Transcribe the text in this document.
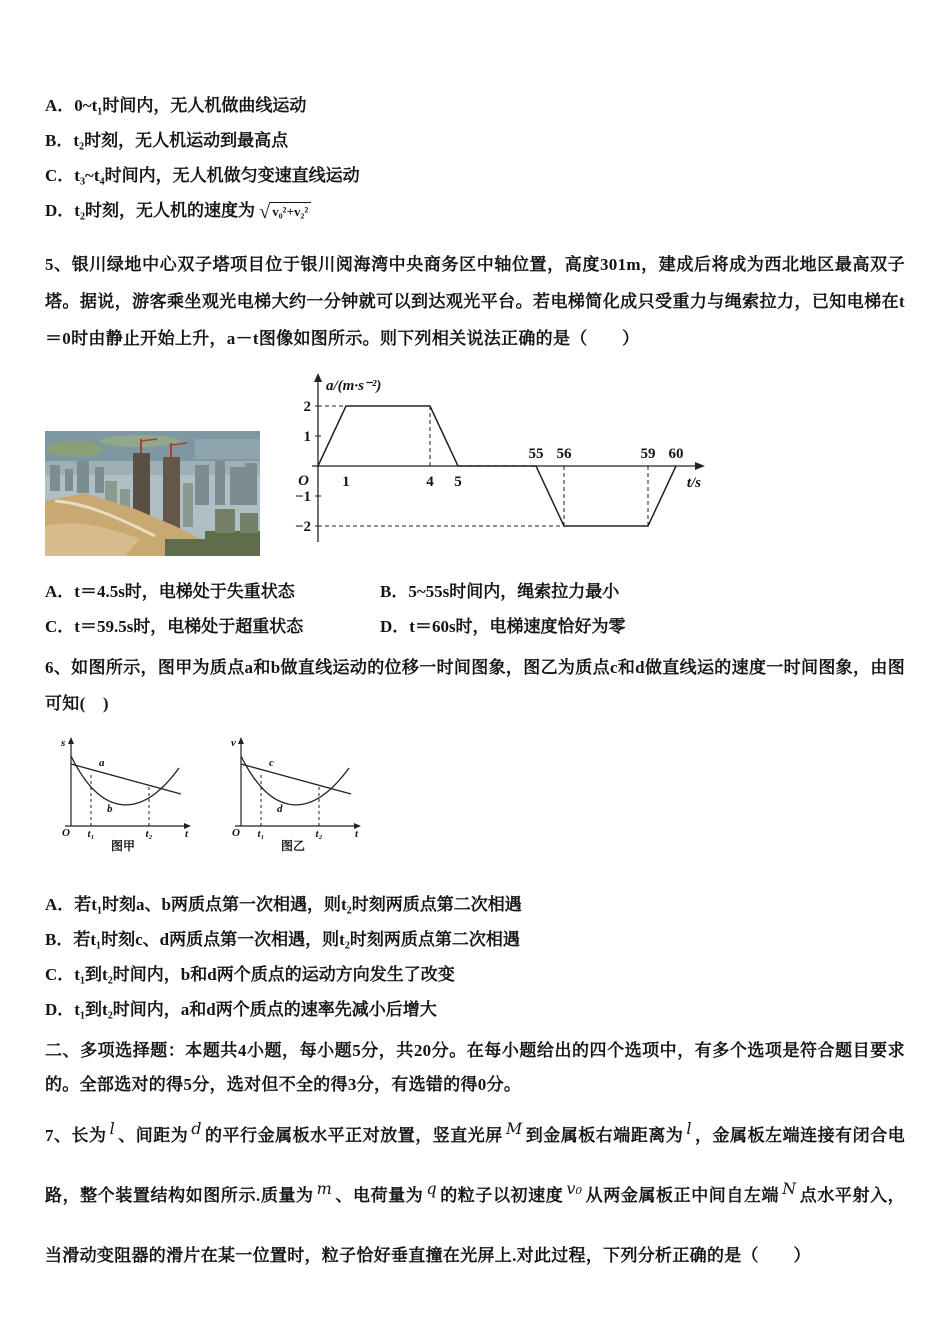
A．0~t₁时间内，无人机做曲线运动
B．t₂时刻，无人机运动到最高点
C．t₃~t₄时间内，无人机做匀变速直线运动
D．t₂时刻，无人机的速度为 √ v₀²+v₂²

5、银川绿地中心双子塔项目位于银川阅海湾中央商务区中轴位置，高度301m，建成后将成为西北地区最高双子塔。据说，游客乘坐观光电梯大约一分钟就可以到达观光平台。若电梯简化成只受重力与绳索拉力，已知电梯在t＝0时由静止开始上升，a－t图像如图所示。则下列相关说法正确的是（　　）

2
1
−1
−2
1	4 5
55 56	59 60
O
a/(m·s⁻²)
t/s
A．t＝4.5s时，电梯处于失重状态	B．5~55s时间内，绳索拉力最小
C．t＝59.5s时，电梯处于超重状态	D．t＝60s时，电梯速度恰好为零

6、如图所示，图甲为质点a和b做直线运动的位移一时间图象，图乙为质点c和d做直线运的速度一时间图象，由图可知(　)

a
b
s
t₁	t₂
O	t
图甲
c
d
v
t₁	t₂
O	t
图乙
A．若t₁时刻a、b两质点第一次相遇，则t₂时刻两质点第二次相遇
B．若t₁时刻c、d两质点第一次相遇，则t₂时刻两质点第二次相遇
C．t₁到t₂时间内，b和d两个质点的运动方向发生了改变
D．t₁到t₂时间内，a和d两个质点的速率先减小后增大

二、多项选择题：本题共4小题，每小题5分，共20分。在每小题给出的四个选项中，有多个选项是符合题目要求的。全部选对的得5分，选对但不全的得3分，有选错的得0分。

7、长为 l 、间距为 d 的平行金属板水平正对放置，竖直光屏 M 到金属板右端距离为 l ，金属板左端连接有闭合电路，整个装置结构如图所示.质量为 m 、电荷量为 q 的粒子以初速度 v₀ 从两金属板正中间自左端 N 点水平射入，当滑动变阻器的滑片在某一位置时，粒子恰好垂直撞在光屏上.对此过程，下列分析正确的是（　　）
